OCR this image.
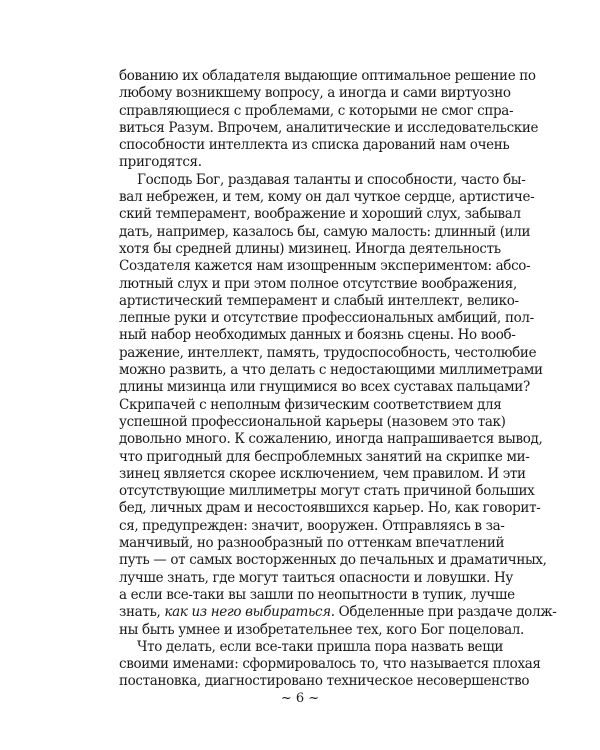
бованию их обладателя выдающие оптимальное решение по
любому возникшему вопросу, а иногда и сами виртуозно
справляющиеся с проблемами, с которыми не смог спра-
виться Разум. Впрочем, аналитические и исследовательские
способности интеллекта из списка дарований нам очень
пригодятся.
Господь Бог, раздавая таланты и способности, часто бы-
вал небрежен, и тем, кому он дал чуткое сердце, артистиче-
ский темперамент, воображение и хороший слух, забывал
дать, например, казалось бы, самую малость: длинный (или
хотя бы средней длины) мизинец. Иногда деятельность
Создателя кажется нам изощренным экспериментом: абсо-
лютный слух и при этом полное отсутствие воображения,
артистический темперамент и слабый интеллект, велико-
лепные руки и отсутствие профессиональных амбиций, пол-
ный набор необходимых данных и боязнь сцены. Но вооб-
ражение, интеллект, память, трудоспособность, честолюбие
можно развить, а что делать с недостающими миллиметрами
длины мизинца или гнущимися во всех суставах пальцами?
Скрипачей с неполным физическим соответствием для
успешной профессиональной карьеры (назовем это так)
довольно много. К сожалению, иногда напрашивается вывод,
что пригодный для беспроблемных занятий на скрипке ми-
зинец является скорее исключением, чем правилом. И эти
отсутствующие миллиметры могут стать причиной больших
бед, личных драм и несостоявшихся карьер. Но, как говорит-
ся, предупрежден: значит, вооружен. Отправляясь в за-
манчивый, но разнообразный по оттенкам впечатлений
путь — от самых восторженных до печальных и драматичных,
лучше знать, где могут таиться опасности и ловушки. Ну
а если все-таки вы зашли по неопытности в тупик, лучше
знать, как из него выбираться. Обделенные при раздаче долж-
ны быть умнее и изобретательнее тех, кого Бог поцеловал.
Что делать, если все-таки пришла пора назвать вещи
своими именами: сформировалось то, что называется плохая
постановка, диагностировано техническое несовершенство
~ 6 ~
